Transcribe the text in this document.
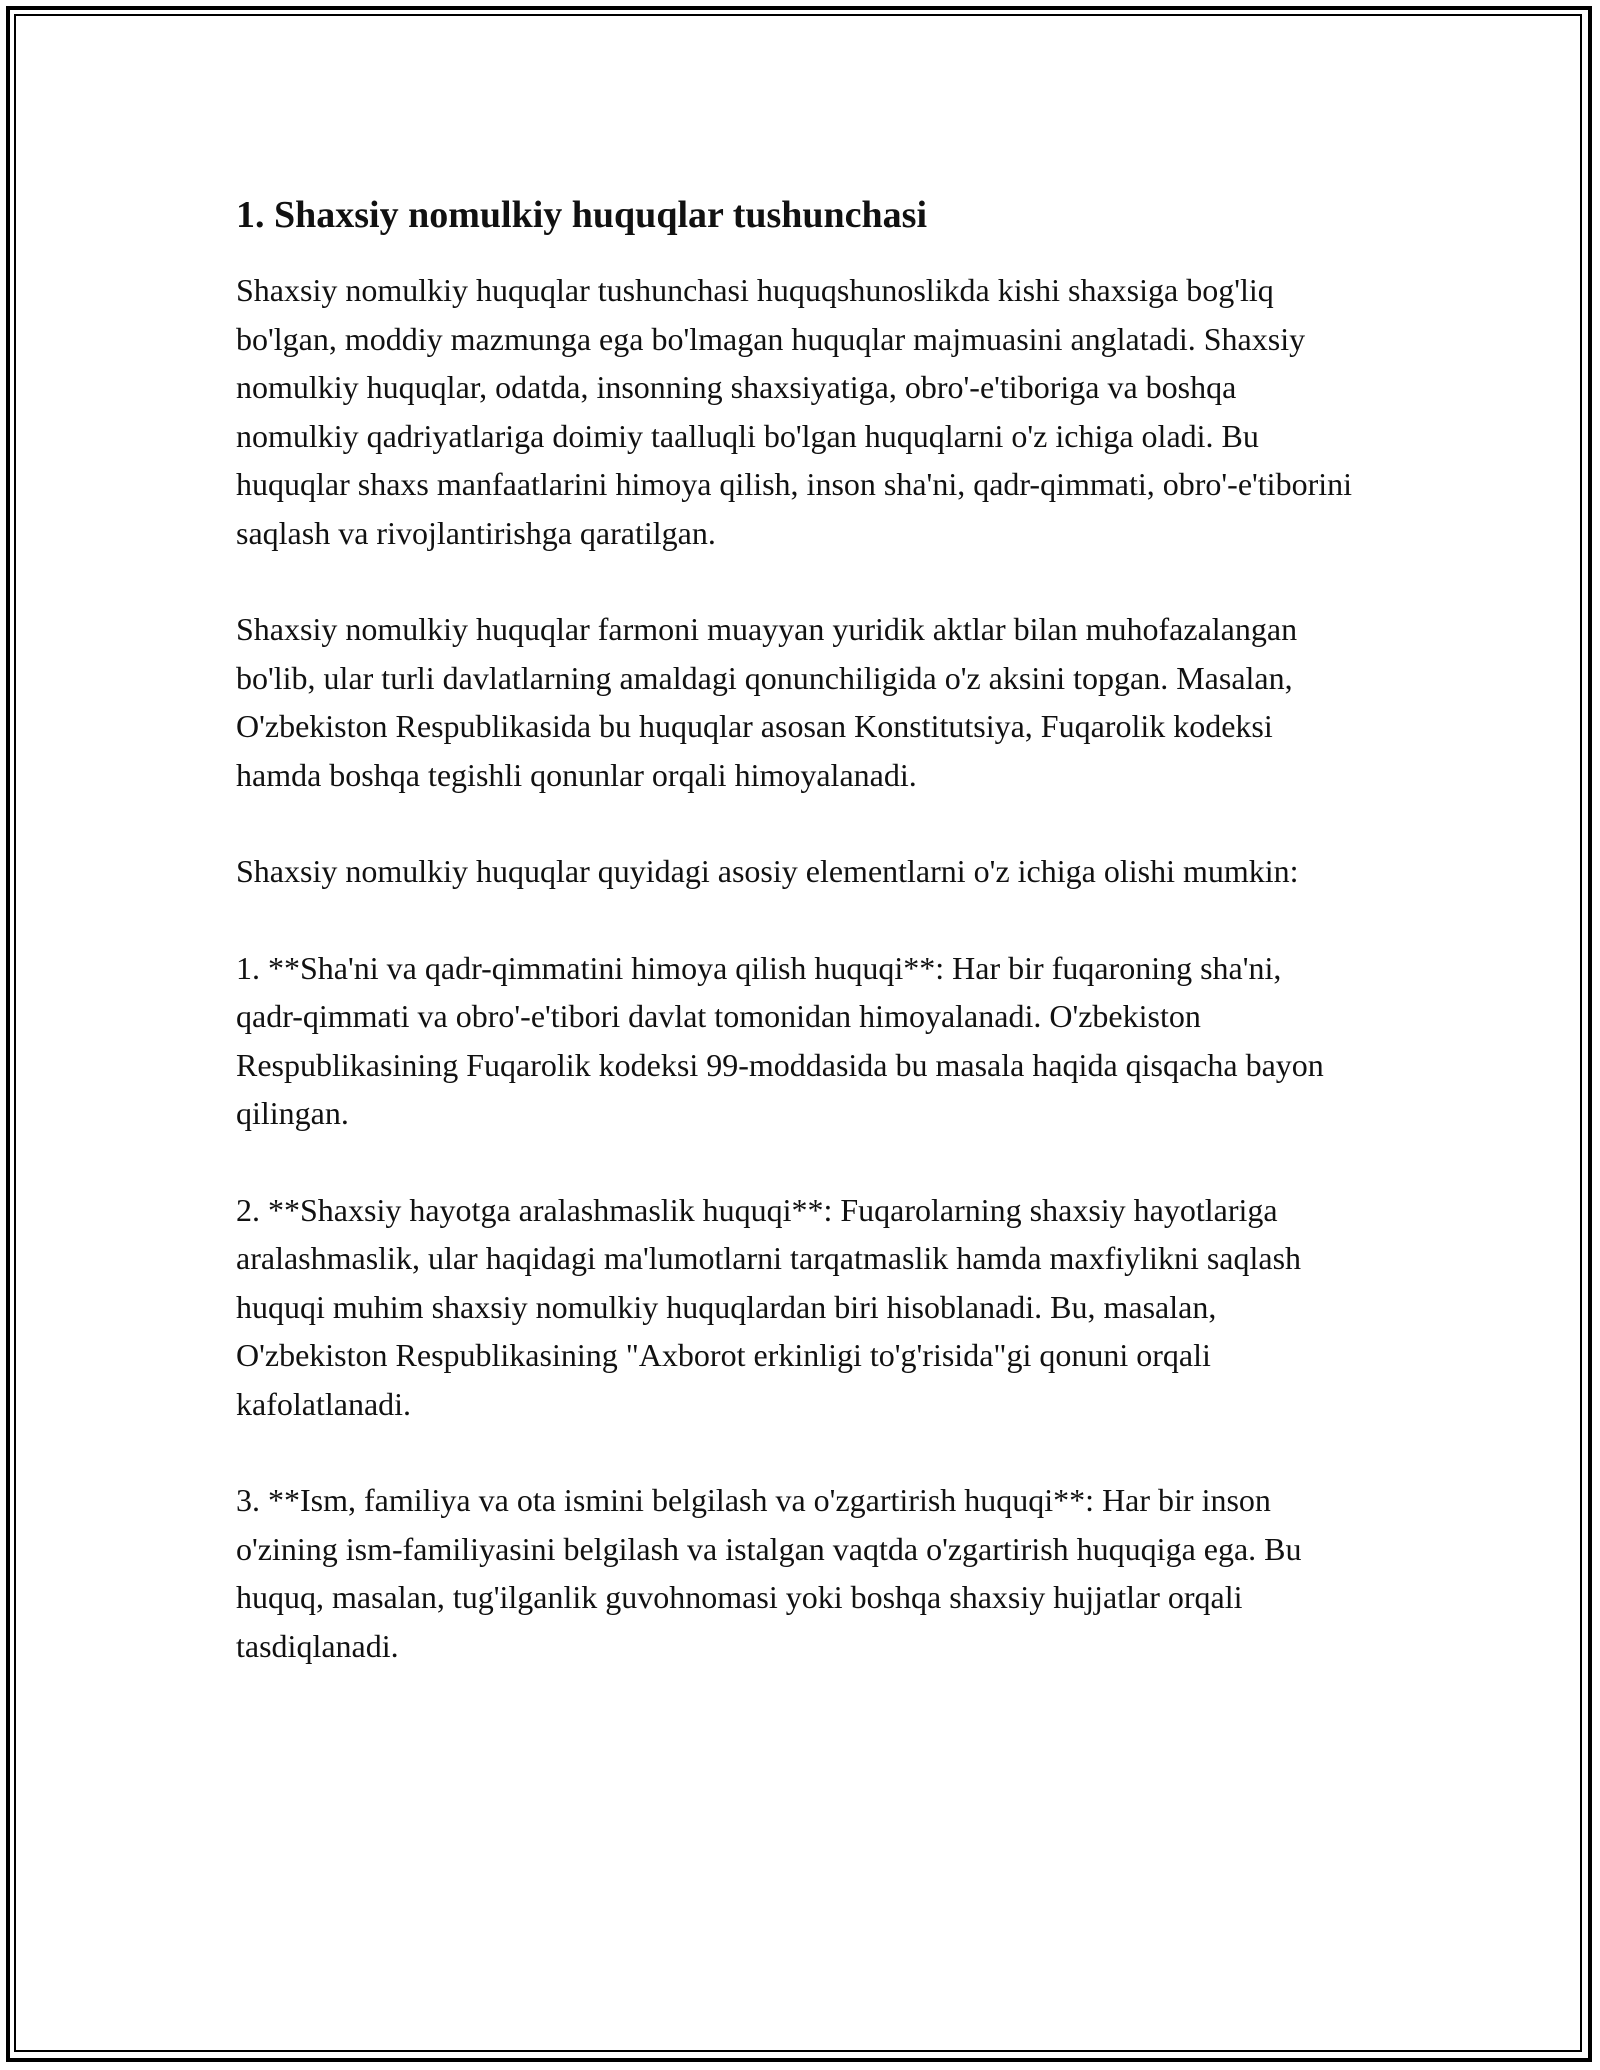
1. Shaxsiy nomulkiy huquqlar tushunchasi

Shaxsiy nomulkiy huquqlar tushunchasi huquqshunoslikda kishi shaxsiga bog'liq bo'lgan, moddiy mazmunga ega bo'lmagan huquqlar majmuasini anglatadi. Shaxsiy nomulkiy huquqlar, odatda, insonning shaxsiyatiga, obro'-e'tiboriga va boshqa nomulkiy qadriyatlariga doimiy taalluqli bo'lgan huquqlarni o'z ichiga oladi. Bu huquqlar shaxs manfaatlarini himoya qilish, inson sha'ni, qadr-qimmati, obro'-e'tiborini saqlash va rivojlantirishga qaratilgan.

Shaxsiy nomulkiy huquqlar farmoni muayyan yuridik aktlar bilan muhofazalangan bo'lib, ular turli davlatlarning amaldagi qonunchiligida o'z aksini topgan. Masalan, O'zbekiston Respublikasida bu huquqlar asosan Konstitutsiya, Fuqarolik kodeksi hamda boshqa tegishli qonunlar orqali himoyalanadi.

Shaxsiy nomulkiy huquqlar quyidagi asosiy elementlarni o'z ichiga olishi mumkin:

1. **Sha'ni va qadr-qimmatini himoya qilish huquqi**: Har bir fuqaroning sha'ni, qadr-qimmati va obro'-e'tibori davlat tomonidan himoyalanadi. O'zbekiston Respublikasining Fuqarolik kodeksi 99-moddasida bu masala haqida qisqacha bayon qilingan.

2. **Shaxsiy hayotga aralashmaslik huquqi**: Fuqarolarning shaxsiy hayotlariga aralashmaslik, ular haqidagi ma'lumotlarni tarqatmaslik hamda maxfiylikni saqlash huquqi muhim shaxsiy nomulkiy huquqlardan biri hisoblanadi. Bu, masalan, O'zbekiston Respublikasining "Axborot erkinligi to'g'risida"gi qonuni orqali kafolatlanadi.

3. **Ism, familiya va ota ismini belgilash va o'zgartirish huquqi**: Har bir inson o'zining ism-familiyasini belgilash va istalgan vaqtda o'zgartirish huquqiga ega. Bu huquq, masalan, tug'ilganlik guvohnomasi yoki boshqa shaxsiy hujjatlar orqali tasdiqlanadi.
